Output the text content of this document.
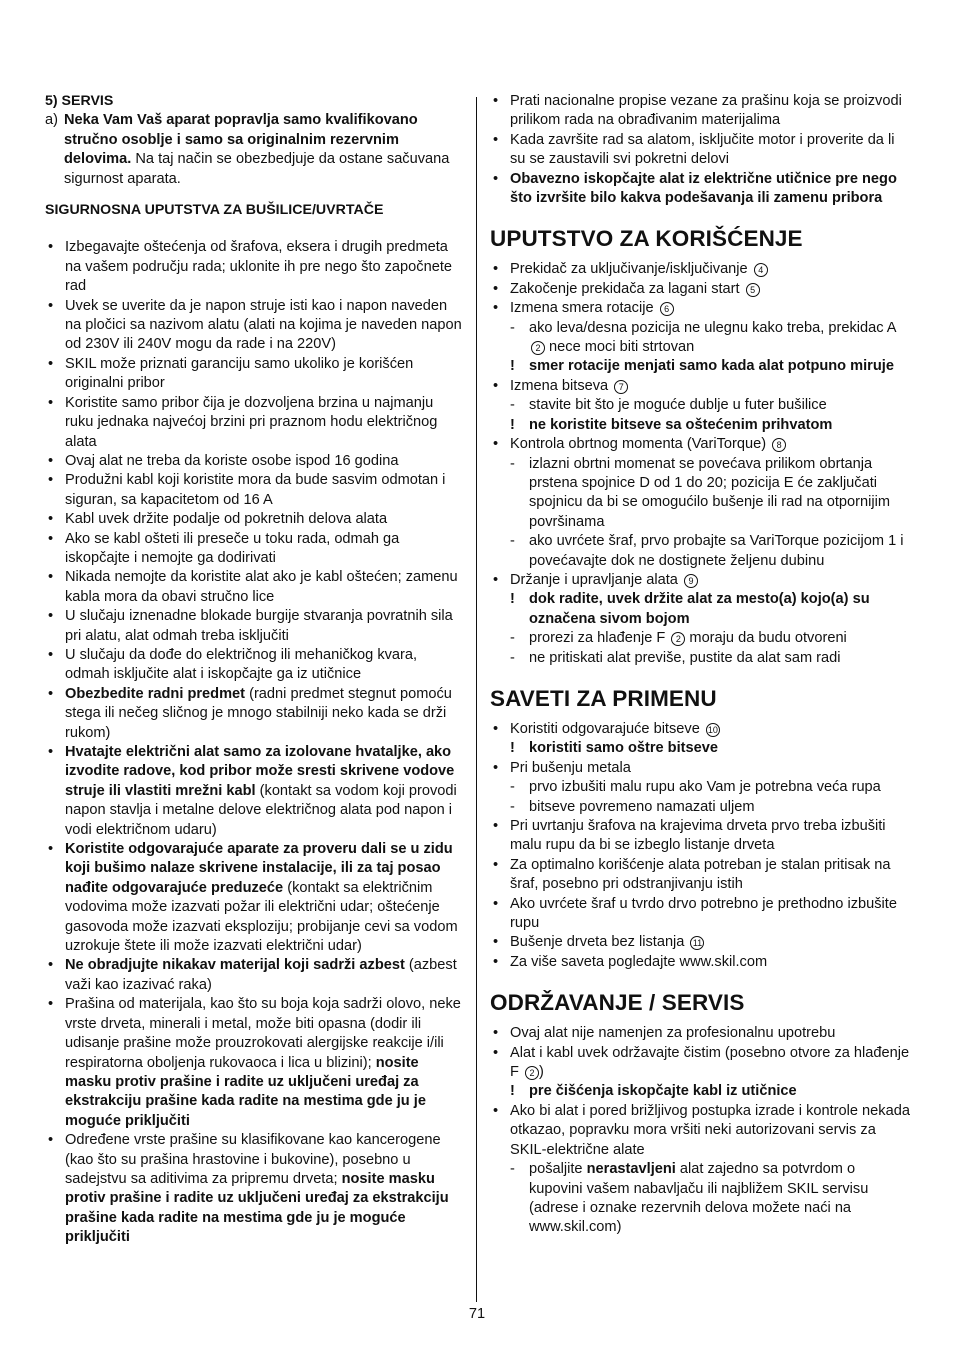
5) SERVIS
a) Neka Vam Vaš aparat popravlja samo kvalifikovano stručno osoblje i samo sa originalnim rezervnim delovima. Na taj način se obezbedjuje da ostane sačuvana sigurnost aparata.
SIGURNOSNA UPUTSTVA ZA BUŠILICE/UVRTAČE
• Izbegavajte oštećenja od šrafova, eksera i drugih predmeta na vašem području rada; uklonite ih pre nego što započnete rad
• Uvek se uverite da je napon struje isti kao i napon naveden na pločici sa nazivom alatu (alati na kojima je naveden napon od 230V ili 240V mogu da rade i na 220V)
• SKIL može priznati garanciju samo ukoliko je korišćen originalni pribor
• Koristite samo pribor čija je dozvoljena brzina u najmanju ruku jednaka najvećoj brzini pri praznom hodu električnog alata
• Ovaj alat ne treba da koriste osobe ispod 16 godina
• Produžni kabl koji koristite mora da bude sasvim odmotan i siguran, sa kapacitetom od 16 A
• Kabl uvek držite podalje od pokretnih delova alata
• Ako se kabl ošteti ili preseče u toku rada, odmah ga iskopčajte i nemojte ga dodirivati
• Nikada nemojte da koristite alat ako je kabl oštećen; zamenu kabla mora da obavi stručno lice
• U slučaju iznenadne blokade burgije stvaranja povratnih sila pri alatu, alat odmah treba isključiti
• U slučaju da dođe do električnog ili mehaničkog kvara, odmah isključite alat i iskopčajte ga iz utičnice
• Obezbedite radni predmet (radni predmet stegnut pomoću stega ili nečeg sličnog je mnogo stabilniji neko kada se drži rukom)
• Hvatajte električni alat samo za izolovane hvataljke, ako izvodite radove, kod pribor može sresti skrivene vodove struje ili vlastiti mrežni kabl (kontakt sa vodom koji provodi napon stavlja i metalne delove električnog alata pod napon i vodi električnom udaru)
• Koristite odgovarajuće aparate za proveru dali se u zidu koji bušimo nalaze skrivene instalacije, ili za taj posao nađite odgovarajuće preduzeće (kontakt sa električnim vodovima može izazvati požar ili električni udar; oštećenje gasovoda može izazvati eksploziju; probijanje cevi sa vodom uzrokuje štete ili može izazvati električni udar)
• Ne obradjujte nikakav materijal koji sadrži azbest (azbest važi kao izazivać raka)
• Prašina od materijala, kao što su boja koja sadrži olovo, neke vrste drveta, minerali i metal, može biti opasna (dodir ili udisanje prašine može prouzrokovati alergijske reakcije i/ili respiratorna obolјenja rukovaoca i lica u blizini); nosite masku protiv prašine i radite uz uključeni uređaj za ekstrakciju prašine kada radite na mestima gde ju je moguće priključiti
• Određene vrste prašine su klasifikovane kao kancerogene (kao što su prašina hrastovine i bukovine), posebno u sadejstvu sa aditivima za pripremu drveta; nosite masku protiv prašine i radite uz uključeni uređaj za ekstrakciju prašine kada radite na mestima gde ju je moguće priključiti
• Prati nacionalne propise vezane za prašinu koja se proizvodi prilikom rada na obrađivanim materijalima
• Kada završite rad sa alatom, isključite motor i proverite da li su se zaustavili svi pokretni delovi
• Obavezno iskopčajte alat iz električne utičnice pre nego što izvršite bilo kakva podešavanja ili zamenu pribora
UPUTSTVO ZA KORIŠĆENJE
• Prekidač za uključivanje/isključivanje 4
• Zakočenje prekidača za lagani start 5
• Izmena smera rotacije 6
- ako leva/desna pozicija ne ulegnu kako treba, prekidac A 2 nece moci biti strtovan
! smer rotacije menjati samo kada alat potpuno miruje
• Izmena bitseva 7
- stavite bit što je moguće dublje u futer bušilice
! ne koristite bitseve sa oštećenim prihvatom
• Kontrola obrtnog momenta (VariTorque) 8
- izlazni obrtni momenat se povećava prilikom obrtanja prstena spojnice D od 1 do 20; pozicija E će zaključati spojnicu da bi se omogućilo bušenje ili rad na otpornijim površinama
- ako uvrćete šraf, prvo probajte sa VariTorque pozicijom 1 i povećavajte dok ne dostignete željenu dubinu
• Držanje i upravljanje alata 9
! dok radite, uvek držite alat za mesto(a) kojo(a) su označena sivom bojom
- prorezi za hlađenje F 2 moraju da budu otvoreni
- ne pritiskati alat previše, pustite da alat sam radi
SAVETI ZA PRIMENU
• Koristiti odgovarajuće bitseve 10
! koristiti samo oštre bitseve
• Pri bušenju metala
- prvo izbušiti malu rupu ako Vam je potrebna veća rupa
- bitseve povremeno namazati uljem
• Pri uvrtanju šrafova na krajevima drveta prvo treba izbušiti malu rupu da bi se izbeglo listanje drveta
• Za optimalno korišćenje alata potreban je stalan pritisak na šraf, posebno pri odstranjivanju istih
• Ako uvrćete šraf u tvrdo drvo potrebno je prethodno izbušite rupu
• Bušenje drveta bez listanja 11
• Za više saveta pogledajte www.skil.com
ODRŽAVANJE / SERVIS
• Ovaj alat nije namenjen za profesionalnu upotrebu
• Alat i kabl uvek održavajte čistim (posebno otvore za hlađenje F 2 )
! pre čišćenja iskopčajte kabl iz utičnice
• Ako bi alat i pored brižljivog postupka izrade i kontrole nekada otkazao, popravku mora vršiti neki autorizovani servis za SKIL-električne alate
- pošaljite nerastavljeni alat zajedno sa potvrdom o kupovini vašem nabavljaču ili najbližem SKIL servisu (adrese i oznake rezervnih delova možete naći na www.skil.com)
71
